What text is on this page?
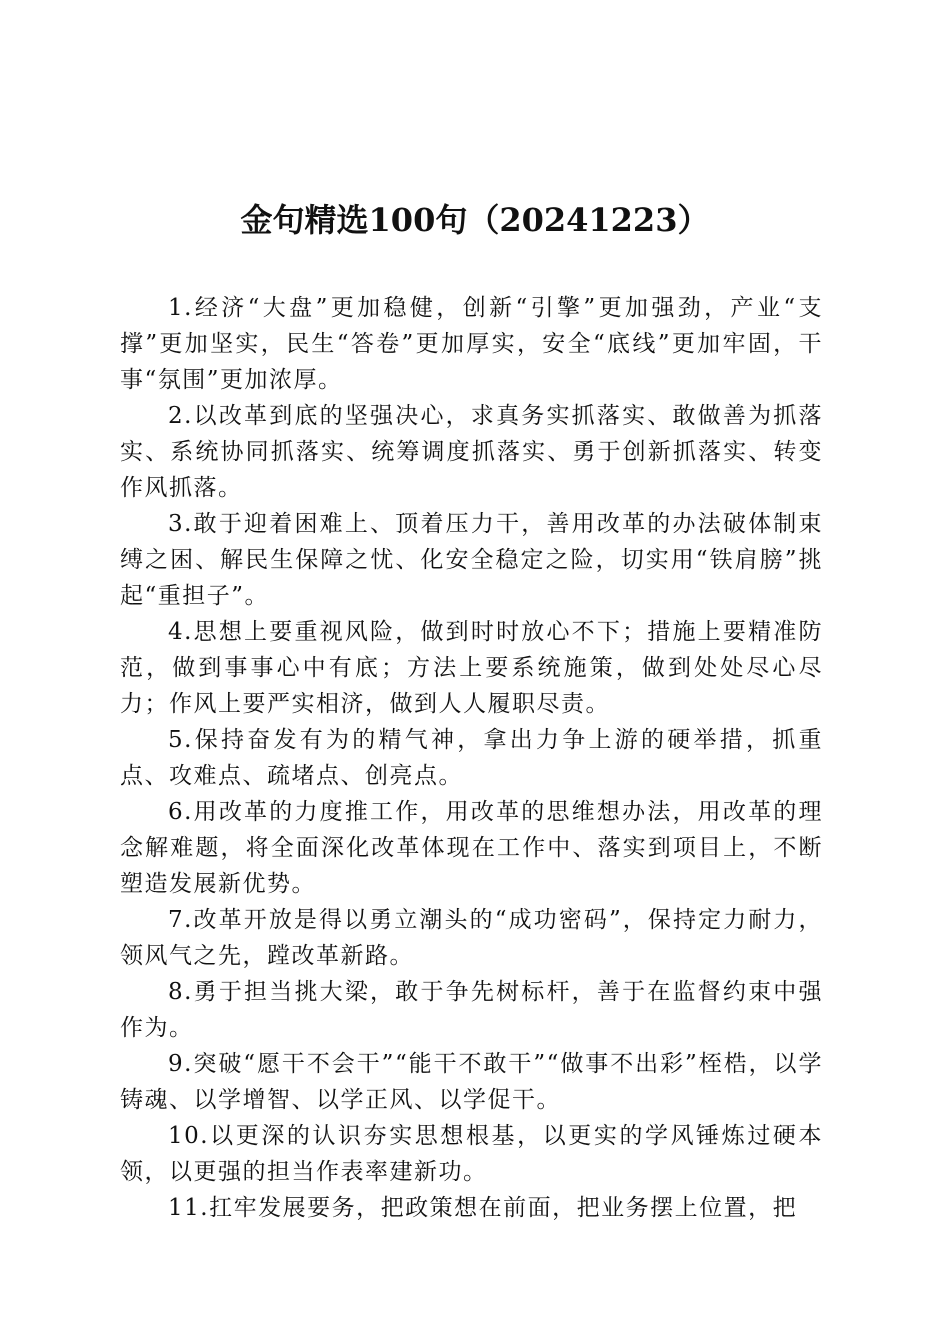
金句精选100句（20241223）

1.经济“大盘”更加稳健，创新“引擎”更加强劲，产业“支撑”更加坚实，民生“答卷”更加厚实，安全“底线”更加牢固，干事“氛围”更加浓厚。

2.以改革到底的坚强决心，求真务实抓落实、敢做善为抓落实、系统协同抓落实、统筹调度抓落实、勇于创新抓落实、转变作风抓落。

3.敢于迎着困难上、顶着压力干，善用改革的办法破体制束缚之困、解民生保障之忧、化安全稳定之险，切实用“铁肩膀”挑起“重担子”。

4.思想上要重视风险，做到时时放心不下；措施上要精准防范，做到事事心中有底；方法上要系统施策，做到处处尽心尽力；作风上要严实相济，做到人人履职尽责。

5.保持奋发有为的精气神，拿出力争上游的硬举措，抓重点、攻难点、疏堵点、创亮点。

6.用改革的力度推工作，用改革的思维想办法，用改革的理念解难题，将全面深化改革体现在工作中、落实到项目上，不断塑造发展新优势。

7.改革开放是得以勇立潮头的“成功密码”，保持定力耐力，领风气之先，蹚改革新路。

8.勇于担当挑大梁，敢于争先树标杆，善于在监督约束中强作为。

9.突破“愿干不会干”“能干不敢干”“做事不出彩”桎梏，以学铸魂、以学增智、以学正风、以学促干。

10.以更深的认识夯实思想根基，以更实的学风锤炼过硬本领，以更强的担当作表率建新功。

11.扛牢发展要务，把政策想在前面，把业务摆上位置，把
